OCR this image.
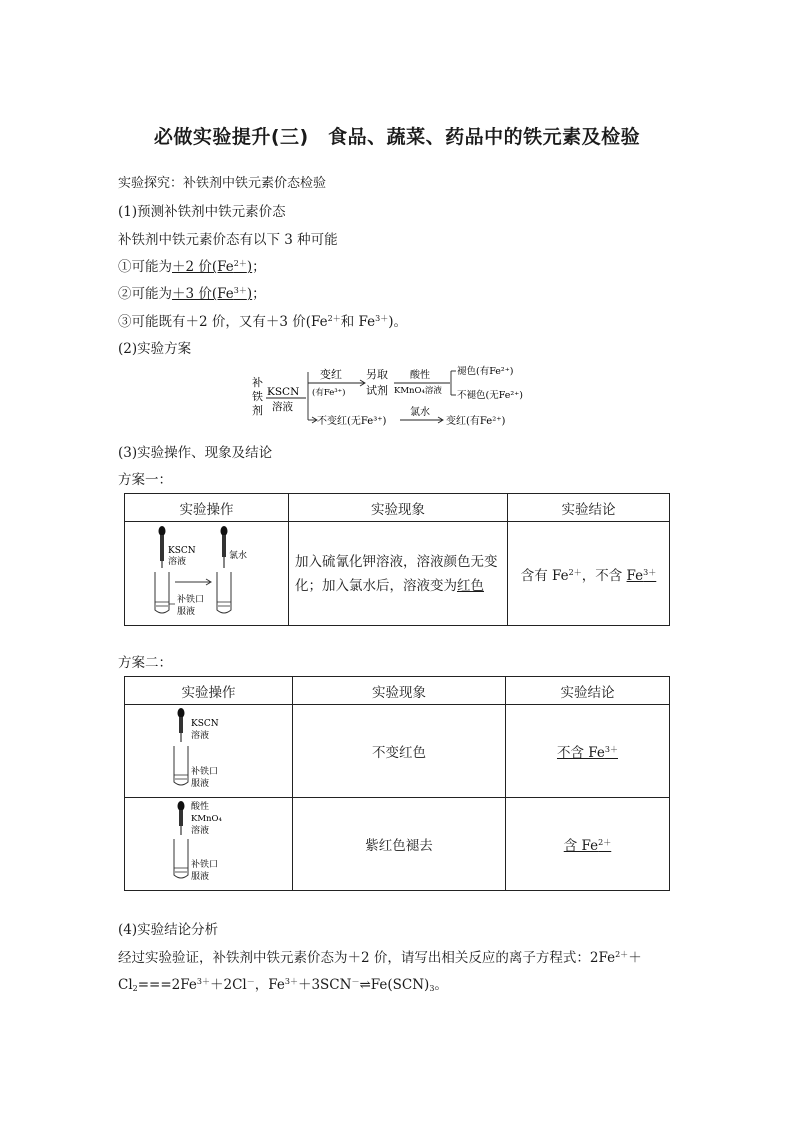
必做实验提升(三)　食品、蔬菜、药品中的铁元素及检验
实验探究：补铁剂中铁元素价态检验
(1)预测补铁剂中铁元素价态
补铁剂中铁元素价态有以下 3 种可能
①可能为＋2 价$(Fe^{2+})$；
②可能为＋3 价$(Fe^{3+})$；
③可能既有＋2 价，又有＋3 价($Fe^{2+}$和 $Fe^{3+}$)。
(2)实验方案
补
铁
剂
KSCN
溶液
变红
(有Fe³⁺)
另取
试剂
酸性
KMnO₄溶液
褪色(有Fe²⁺)
不褪色(无Fe²⁺)
不变红(无Fe³⁺)
氯水
变红(有Fe²⁺)
(3)实验操作、现象及结论
方案一：
实验操作	实验现象	实验结论

KSCN
溶液
氯水
补铁口
服液	加入硫氰化钾溶液，溶液颜色无变化；加入氯水后，溶液变为红色	含有 $Fe^{2+}$，不含 $Fe^{3+}$
方案二：
实验操作	实验现象	实验结论

KSCN
溶液
补铁口
服液	不变红色	不含 $Fe^{3+}$

酸性
KMnO₄
溶液
补铁口
服液	紫红色褪去	含 $Fe^{2+}$
(4)实验结论分析
经过实验验证，补铁剂中铁元素价态为＋2 价，请写出相关反应的离子方程式：$2Fe^{2+}+$
$Cl_2===2Fe^{3+}+2Cl^-$，$Fe^{3+}+3SCN^-\rightleftharpoons Fe(SCN)_3$。
